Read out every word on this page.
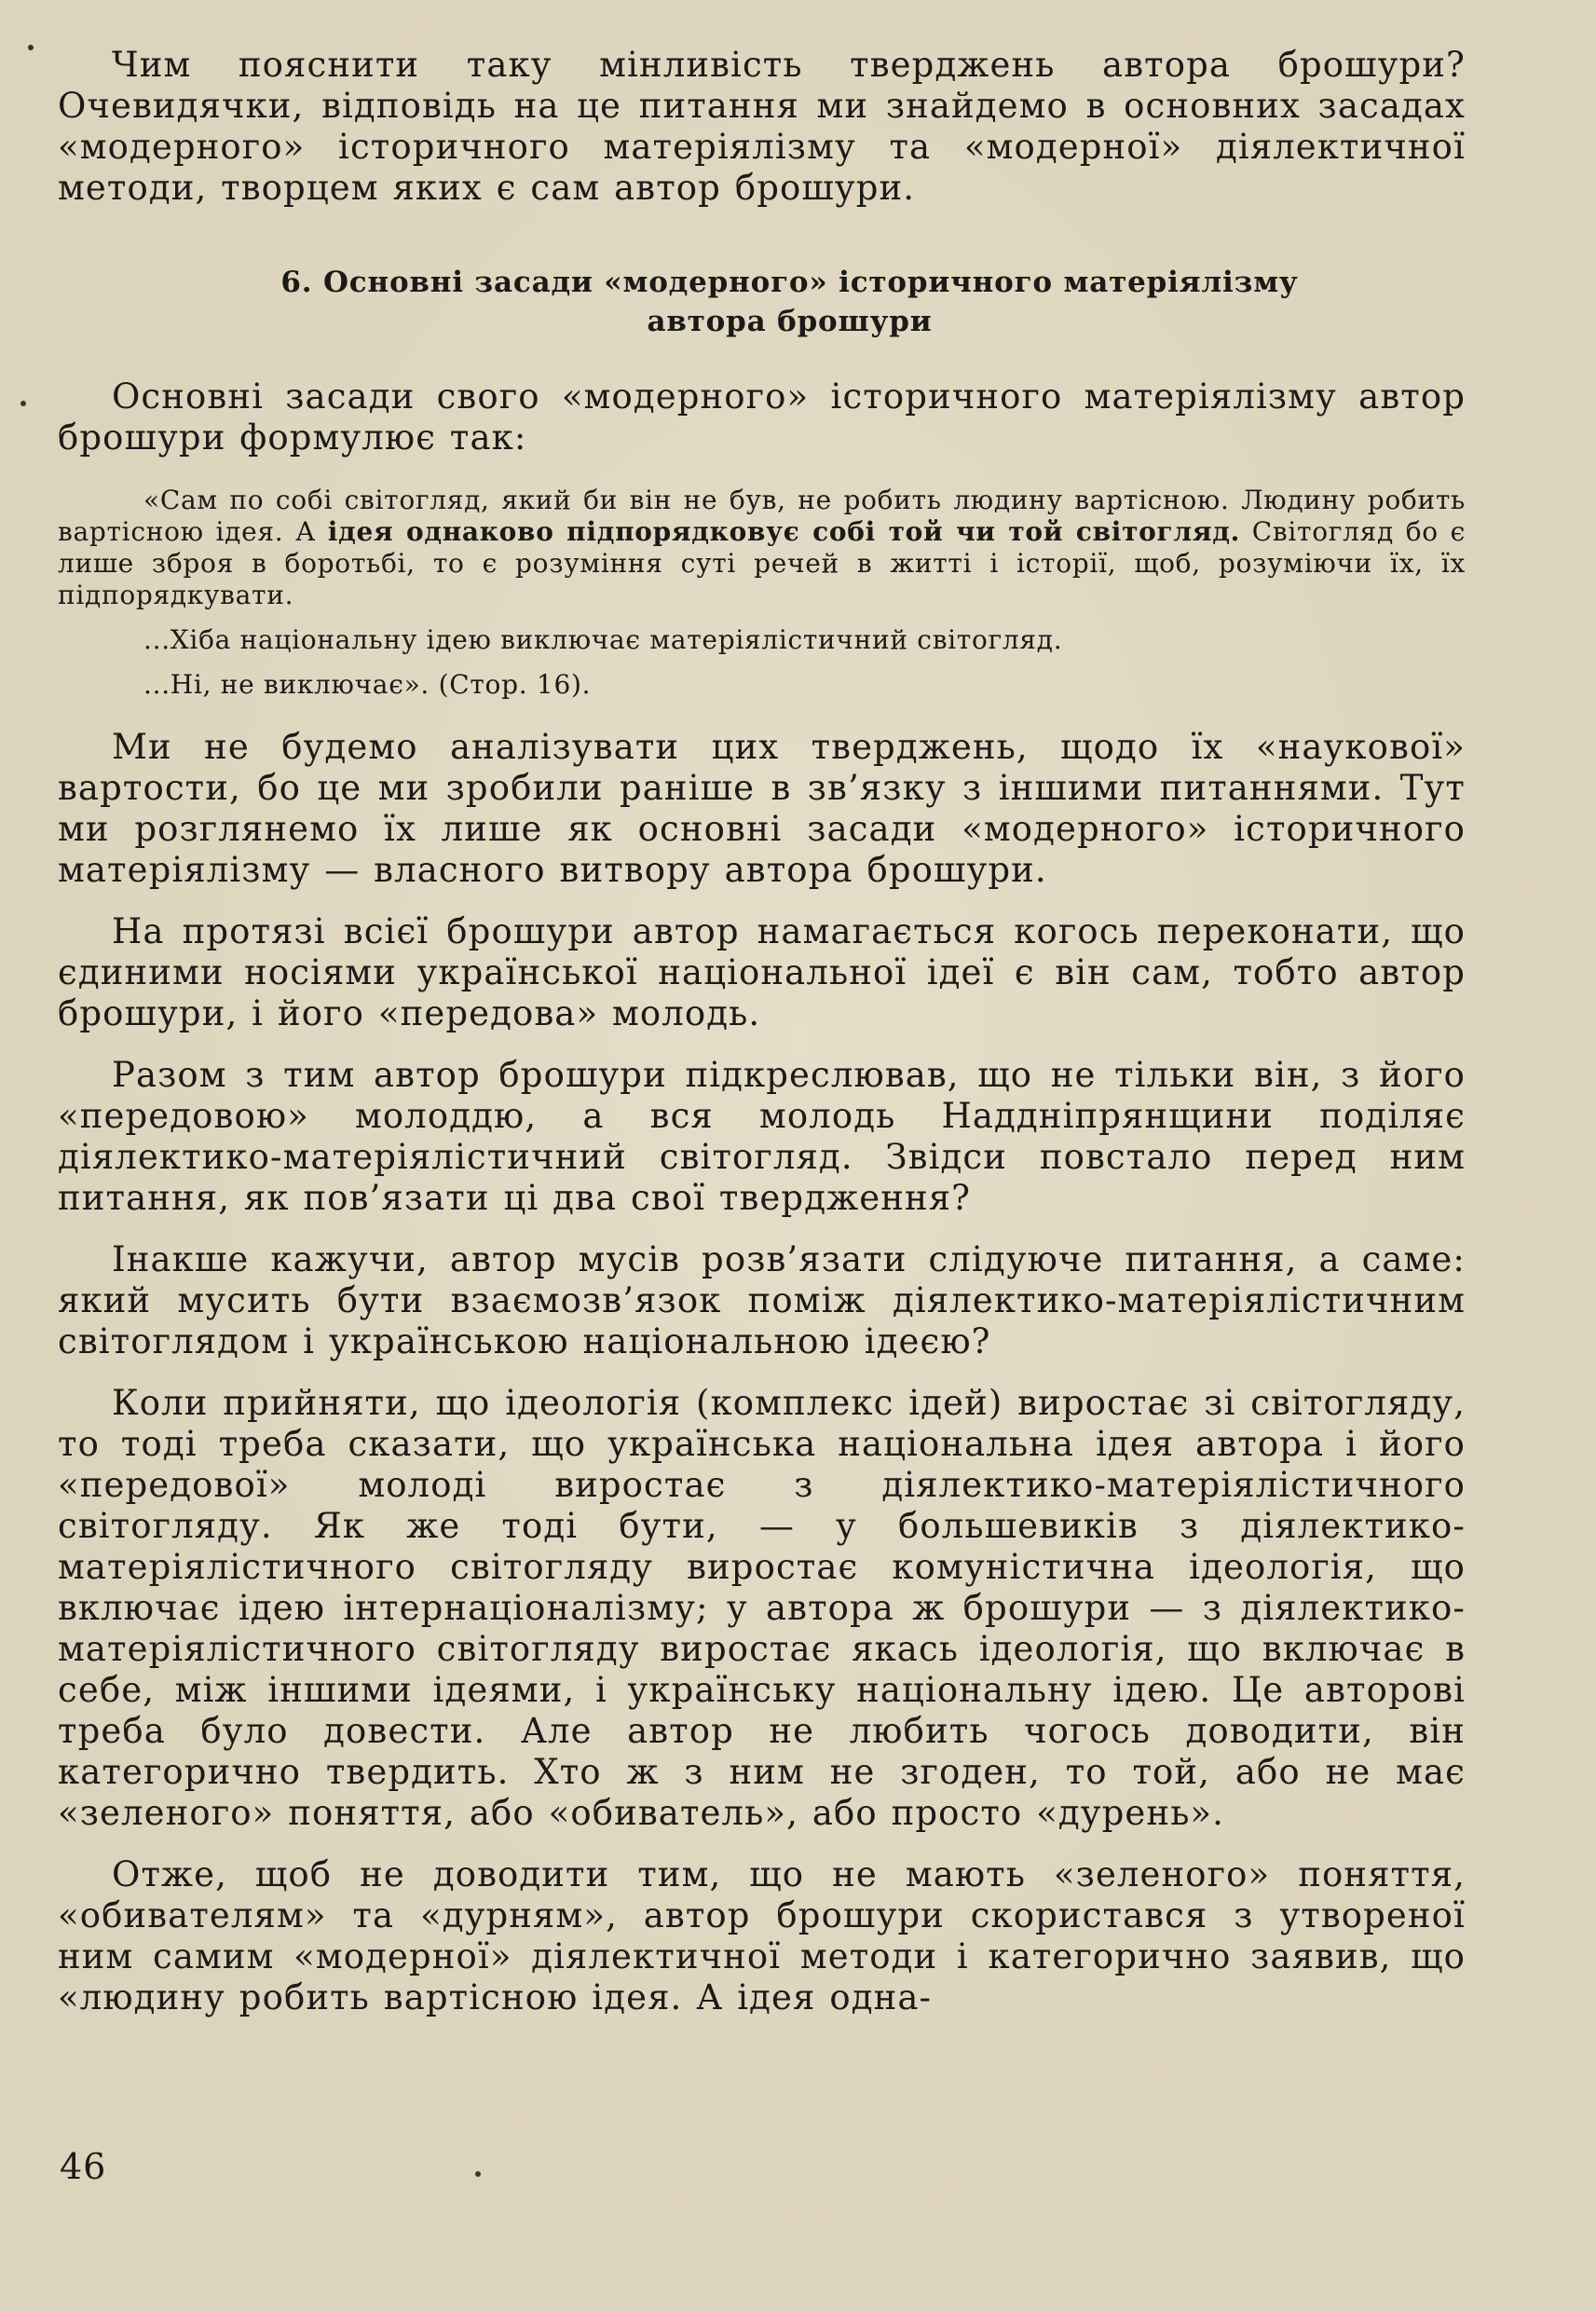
Чим пояснити таку мінливість тверджень автора брошури? Очевидячки, відповідь на це питання ми знайдемо в основних засадах «модерного» історичного матеріялізму та «модерної» діялектичної методи, творцем яких є сам автор брошури.

6. Основні засади «модерного» історичного матеріялізму
автора брошури

Основні засади свого «модерного» історичного матеріялізму автор брошури формулює так:

«Сам по собі світогляд, який би він не був, не робить людину вартісною. Людину робить вартісною ідея. А ідея однаково підпорядковує собі той чи той світогляд. Світогляд бо є лише зброя в боротьбі, то є розуміння суті речей в житті і історії, щоб, розуміючи їх, їх підпорядкувати.

...Хіба національну ідею виключає матеріялістичний світогляд.

...Ні, не виключає». (Стор. 16).

Ми не будемо аналізувати цих тверджень, щодо їх «наукової» вартости, бо це ми зробили раніше в зв’язку з іншими питаннями. Тут ми розглянемо їх лише як основні засади «модерного» історичного матеріялізму — власного витвору автора брошури.

На протязі всієї брошури автор намагається когось переконати, що єдиними носіями української національної ідеї є він сам, тобто автор брошури, і його «передова» молодь.

Разом з тим автор брошури підкреслював, що не тільки він, з його «передовою» молоддю, а вся молодь Наддніпрянщини поділяє діялектико-матеріялістичний світогляд. Звідси повстало перед ним питання, як пов’язати ці два свої твердження?

Інакше кажучи, автор мусів розв’язати слідуюче питання, а саме: який мусить бути взаємозв’язок поміж діялектико-матеріялістичним світоглядом і українською національною ідеєю?

Коли прийняти, що ідеологія (комплекс ідей) виростає зі світогляду, то тоді треба сказати, що українська національна ідея автора і його «передової» молоді виростає з діялектико-матеріялістичного світогляду. Як же тоді бути, — у большевиків з діялектико-матеріялістичного світогляду виростає комуністична ідеологія, що включає ідею інтернаціоналізму; у автора ж брошури — з діялектико-матеріялістичного світогляду виростає якась ідеологія, що включає в себе, між іншими ідеями, і українську національну ідею. Це авторові треба було довести. Але автор не любить чогось доводити, він категорично твердить. Хто ж з ним не згоден, то той, або не має «зеленого» поняття, або «обиватель», або просто «дурень».

Отже, щоб не доводити тим, що не мають «зеленого» поняття, «обивателям» та «дурням», автор брошури скористався з утвореної ним самим «модерної» діялектичної методи і категорично заявив, що «людину робить вартісною ідея. А ідея одна-

46
